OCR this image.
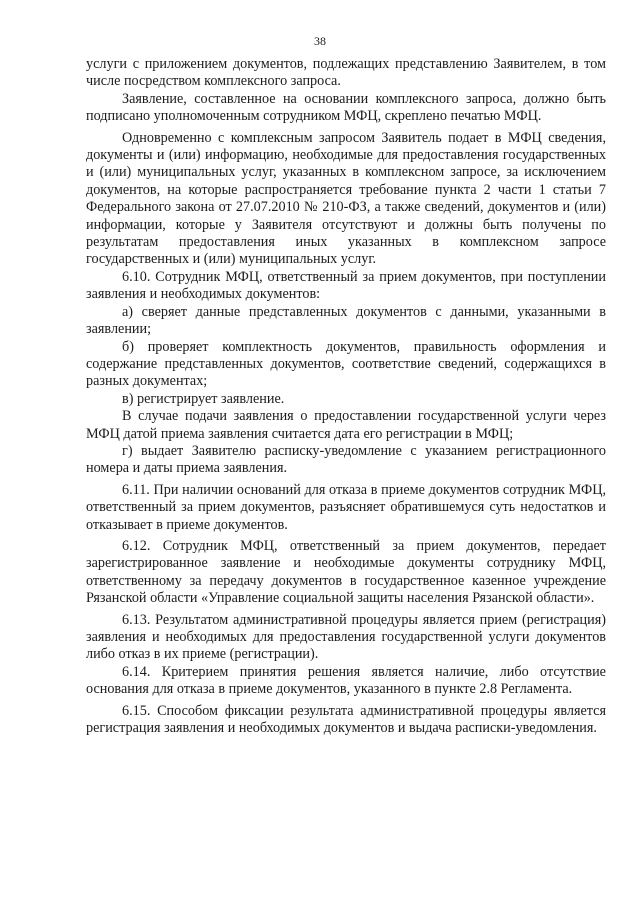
38

услуги с приложением документов, подлежащих представлению Заявителем, в том числе посредством комплексного запроса.

Заявление, составленное на основании комплексного запроса, должно быть подписано уполномоченным сотрудником МФЦ, скреплено печатью МФЦ.

Одновременно с комплексным запросом Заявитель подает в МФЦ сведения, документы и (или) информацию, необходимые для предоставления государственных и (или) муниципальных услуг, указанных в комплексном запросе, за исключением документов, на которые распространяется требование пункта 2 части 1 статьи 7 Федерального закона от 27.07.2010 № 210-ФЗ, а также сведений, документов и (или) информации, которые у Заявителя отсутствуют и должны быть получены по результатам предоставления иных указанных в комплексном запросе государственных и (или) муниципальных услуг.

6.10. Сотрудник МФЦ, ответственный за прием документов, при поступлении заявления и необходимых документов:

а) сверяет данные представленных документов с данными, указанными в заявлении;

б) проверяет комплектность документов, правильность оформления и содержание представленных документов, соответствие сведений, содержащихся в разных документах;

в) регистрирует заявление.

В случае подачи заявления о предоставлении государственной услуги через МФЦ датой приема заявления считается дата его регистрации в МФЦ;

г) выдает Заявителю расписку-уведомление с указанием регистрационного номера и даты приема заявления.

6.11. При наличии оснований для отказа в приеме документов сотрудник МФЦ, ответственный за прием документов, разъясняет обратившемуся суть недостатков и отказывает в приеме документов.

6.12. Сотрудник МФЦ, ответственный за прием документов, передает зарегистрированное заявление и необходимые документы сотруднику МФЦ, ответственному за передачу документов в государственное казенное учреждение Рязанской области «Управление социальной защиты населения Рязанской области».

6.13. Результатом административной процедуры является прием (регистрация) заявления и необходимых для предоставления государственной услуги документов либо отказ в их приеме (регистрации).

6.14. Критерием принятия решения является наличие, либо отсутствие основания для отказа в приеме документов, указанного в пункте 2.8 Регламента.

6.15. Способом фиксации результата административной процедуры является регистрация заявления и необходимых документов и выдача расписки-уведомления.
